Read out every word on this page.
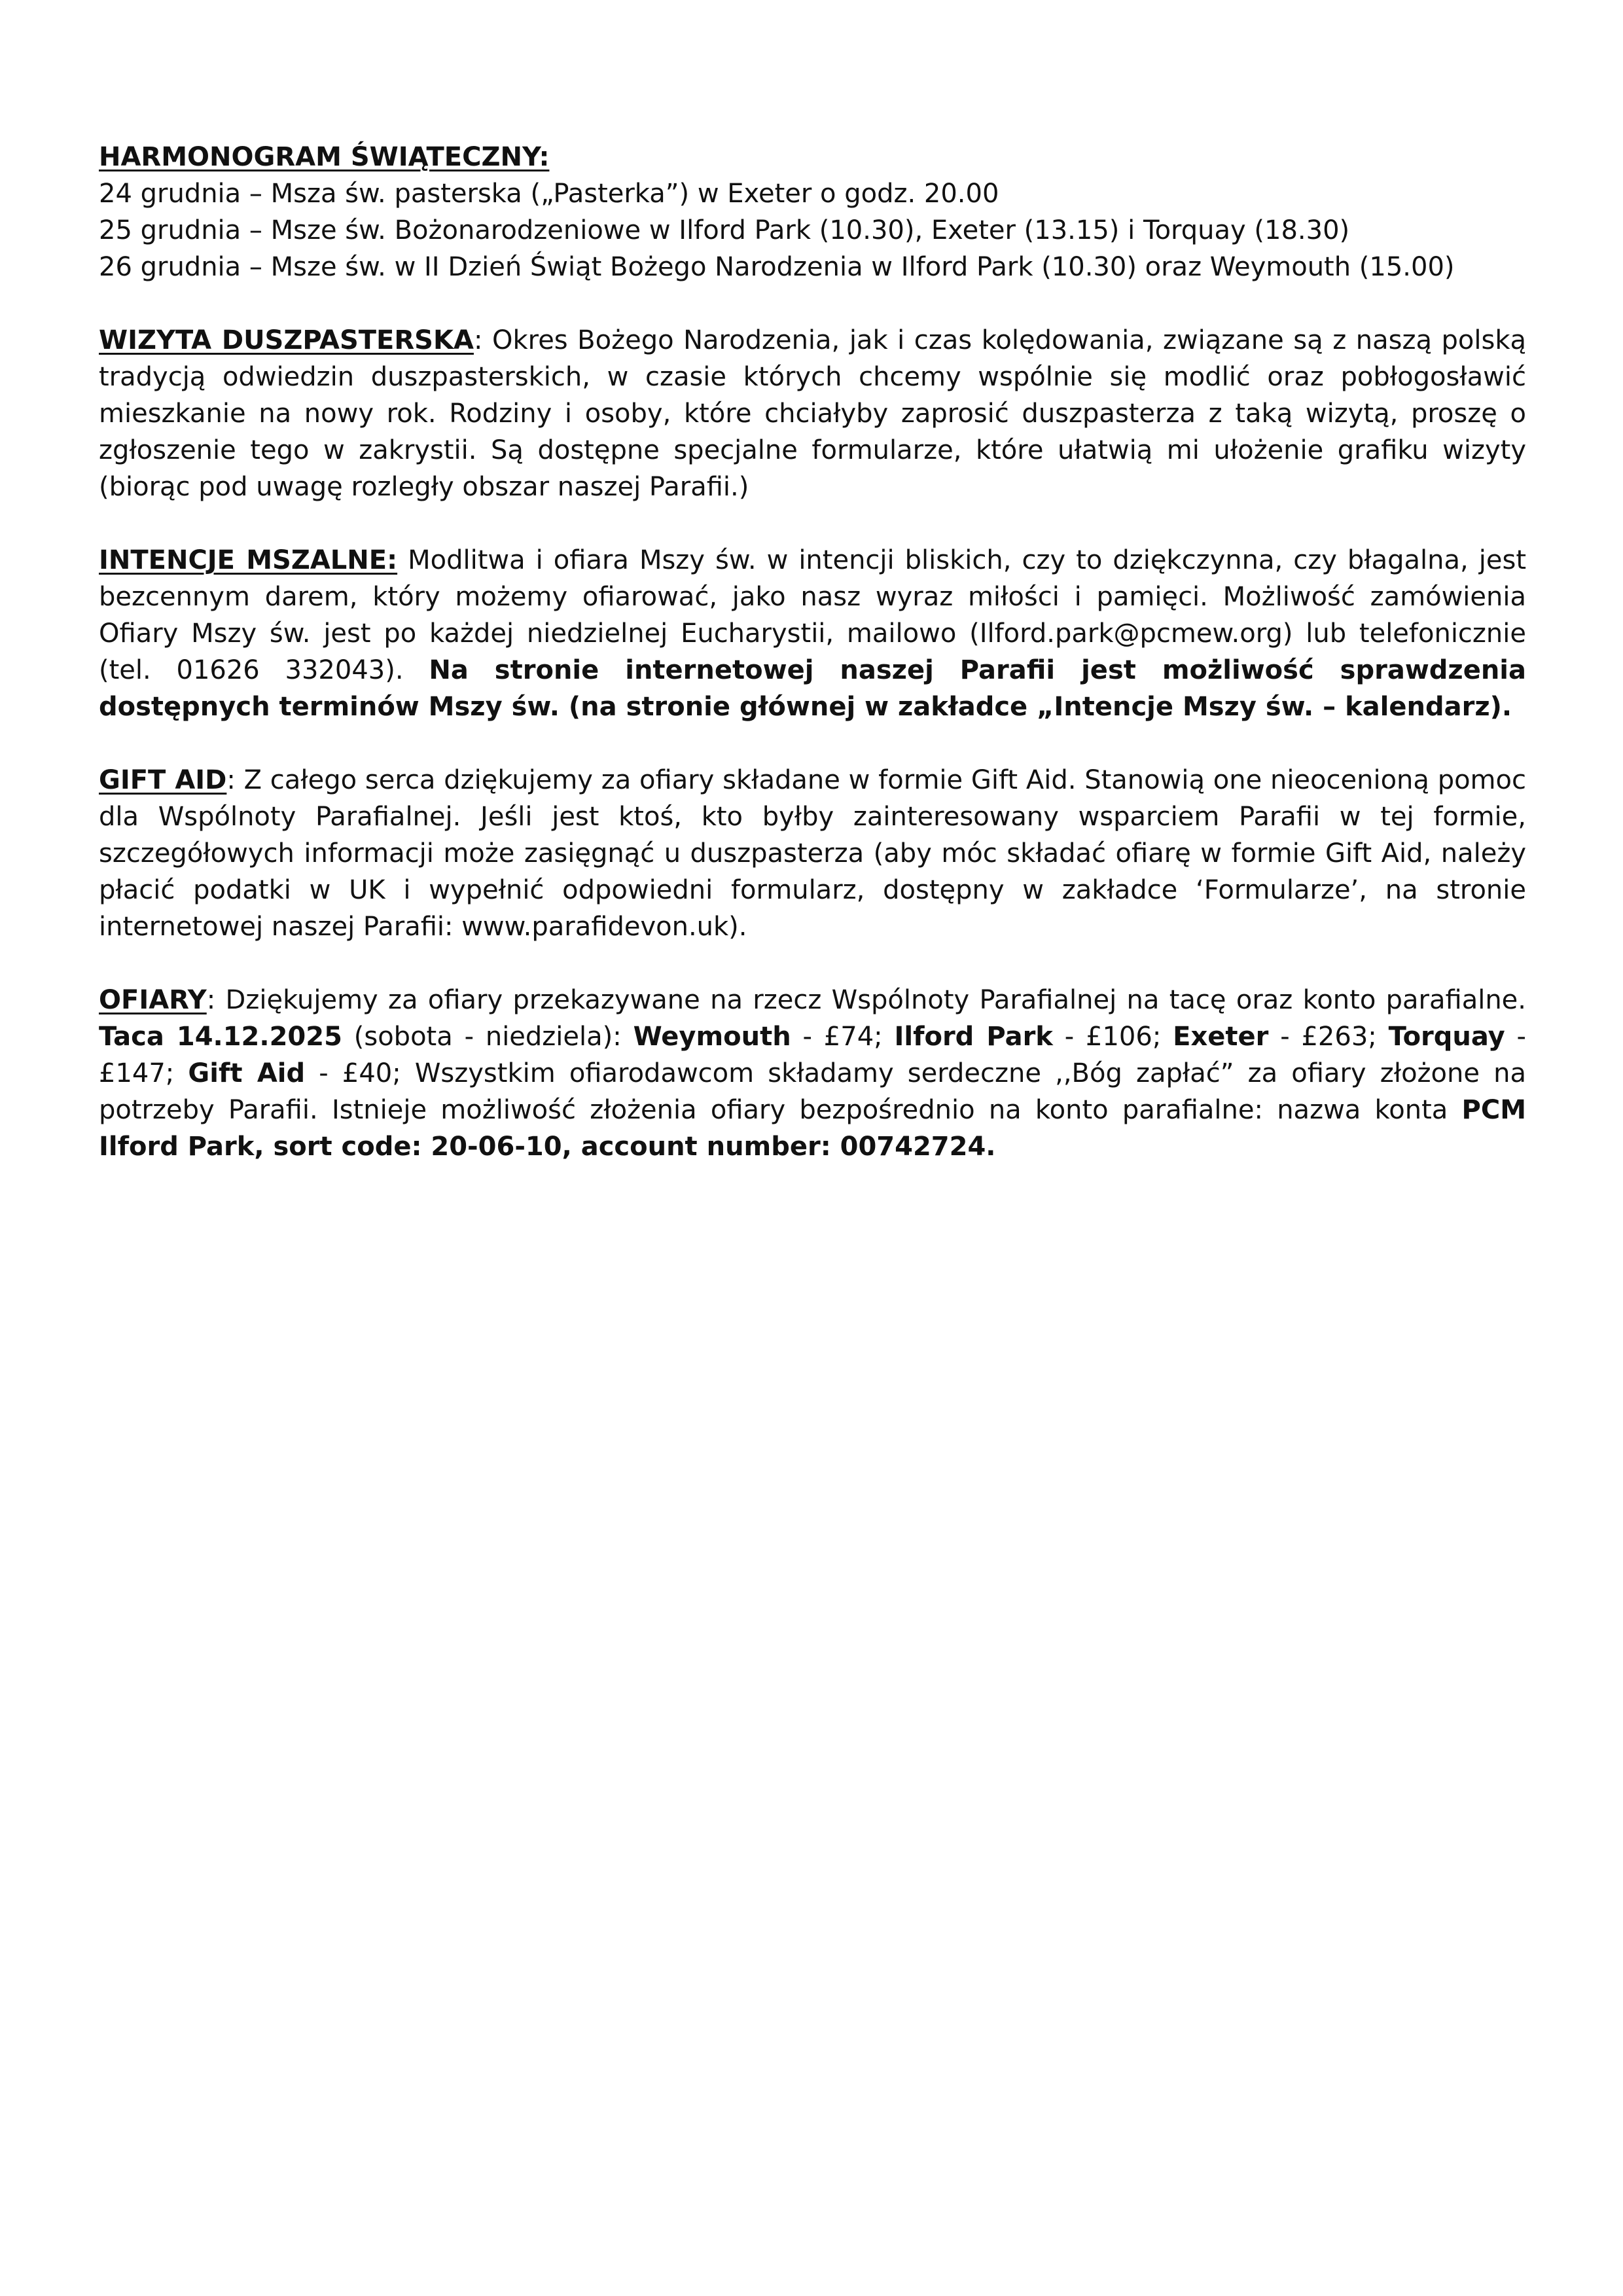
HARMONOGRAM ŚWIĄTECZNY:
24 grudnia – Msza św. pasterska („Pasterka”) w Exeter o godz. 20.00
25 grudnia – Msze św. Bożonarodzeniowe w Ilford Park (10.30), Exeter (13.15) i Torquay (18.30)
26 grudnia – Msze św. w II Dzień Świąt Bożego Narodzenia w Ilford Park (10.30) oraz Weymouth (15.00)
WIZYTA DUSZPASTERSKA: Okres Bożego Narodzenia, jak i czas kolędowania, związane są z naszą polską tradycją odwiedzin duszpasterskich, w czasie których chcemy wspólnie się modlić oraz pobłogosławić mieszkanie na nowy rok. Rodziny i osoby, które chciałyby zaprosić duszpasterza z taką wizytą, proszę o zgłoszenie tego w zakrystii. Są dostępne specjalne formularze, które ułatwią mi ułożenie grafiku wizyty (biorąc pod uwagę rozległy obszar naszej Parafii.)
INTENCJE MSZALNE: Modlitwa i ofiara Mszy św. w intencji bliskich, czy to dziękczynna, czy błagalna, jest bezcennym darem, który możemy ofiarować, jako nasz wyraz miłości i pamięci. Możliwość zamówienia Ofiary Mszy św. jest po każdej niedzielnej Eucharystii, mailowo (Ilford.park@pcmew.org) lub telefonicznie (tel. 01626 332043). Na stronie internetowej naszej Parafii jest możliwość sprawdzenia dostępnych terminów Mszy św. (na stronie głównej w zakładce „Intencje Mszy św. – kalendarz).
GIFT AID: Z całego serca dziękujemy za ofiary składane w formie Gift Aid. Stanowią one nieocenioną pomoc dla Wspólnoty Parafialnej. Jeśli jest ktoś, kto byłby zainteresowany wsparciem Parafii w tej formie, szczegółowych informacji może zasięgnąć u duszpasterza (aby móc składać ofiarę w formie Gift Aid, należy płacić podatki w UK i wypełnić odpowiedni formularz, dostępny w zakładce ‘Formularze’, na stronie internetowej naszej Parafii: www.parafidevon.uk).
OFIARY: Dziękujemy za ofiary przekazywane na rzecz Wspólnoty Parafialnej na tacę oraz konto parafialne. Taca 14.12.2025 (sobota - niedziela): Weymouth - £74; Ilford Park - £106; Exeter - £263; Torquay - £147; Gift Aid - £40; Wszystkim ofiarodawcom składamy serdeczne ,,Bóg zapłać” za ofiary złożone na potrzeby Parafii. Istnieje możliwość złożenia ofiary bezpośrednio na konto parafialne: nazwa konta PCM Ilford Park, sort code: 20-06-10, account number: 00742724.
